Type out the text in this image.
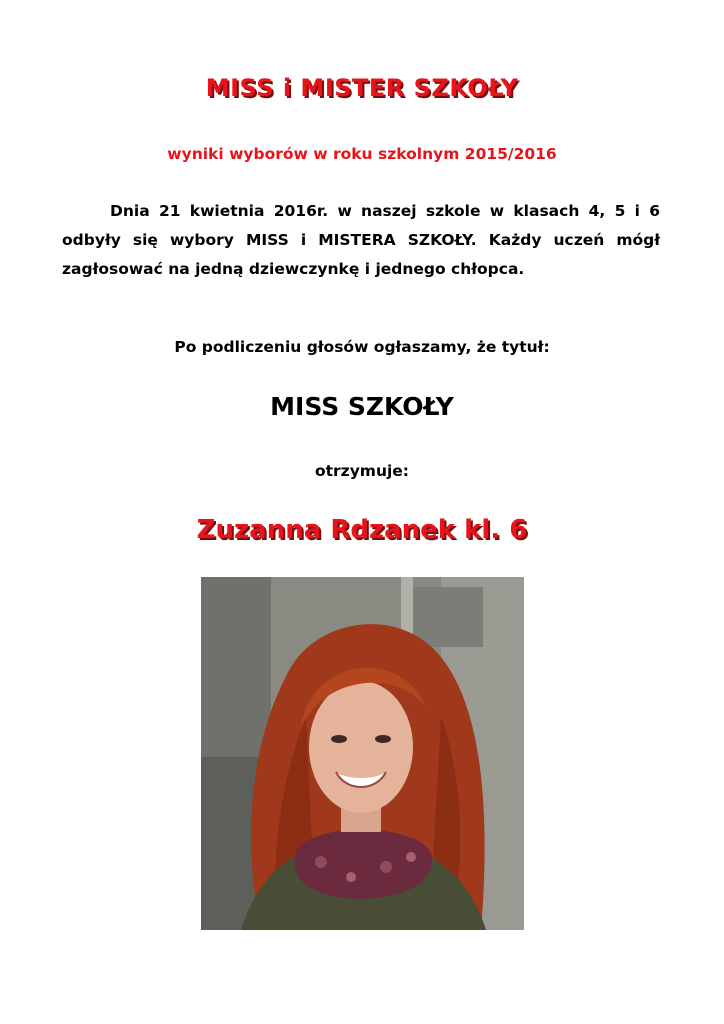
MISS i MISTER SZKOŁY
wyniki wyborów w roku szkolnym 2015/2016
Dnia 21 kwietnia 2016r. w naszej szkole w klasach 4, 5 i 6 odbyły się wybory MISS i MISTERA SZKOŁY. Każdy uczeń mógł zagłosować na jedną dziewczynkę i jednego chłopca.
Po podliczeniu głosów ogłaszamy, że tytuł:
MISS SZKOŁY
otrzymuje:
Zuzanna Rdzanek kl. 6
